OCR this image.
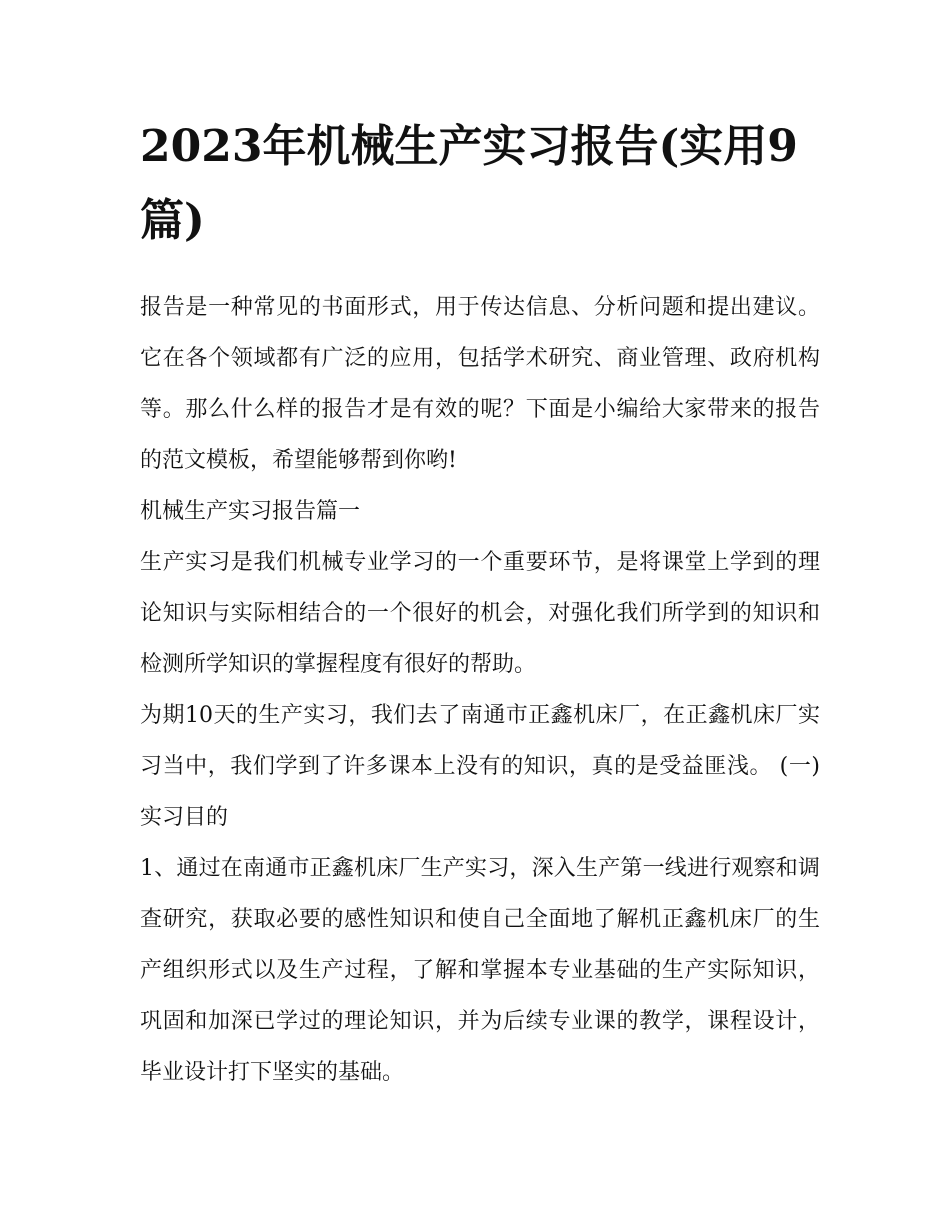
2023年机械生产实习报告(实用9篇)

报告是一种常见的书面形式，用于传达信息、分析问题和提出建议。它在各个领域都有广泛的应用，包括学术研究、商业管理、政府机构等。那么什么样的报告才是有效的呢？下面是小编给大家带来的报告的范文模板，希望能够帮到你哟!

机械生产实习报告篇一

生产实习是我们机械专业学习的一个重要环节，是将课堂上学到的理论知识与实际相结合的一个很好的机会，对强化我们所学到的知识和检测所学知识的掌握程度有很好的帮助。

为期10天的生产实习，我们去了南通市正鑫机床厂，在正鑫机床厂实习当中，我们学到了许多课本上没有的知识，真的是受益匪浅。 (一)实习目的

1、通过在南通市正鑫机床厂生产实习，深入生产第一线进行观察和调查研究，获取必要的感性知识和使自己全面地了解机正鑫机床厂的生产组织形式以及生产过程，了解和掌握本专业基础的生产实际知识，巩固和加深已学过的理论知识，并为后续专业课的教学，课程设计，毕业设计打下坚实的基础。
